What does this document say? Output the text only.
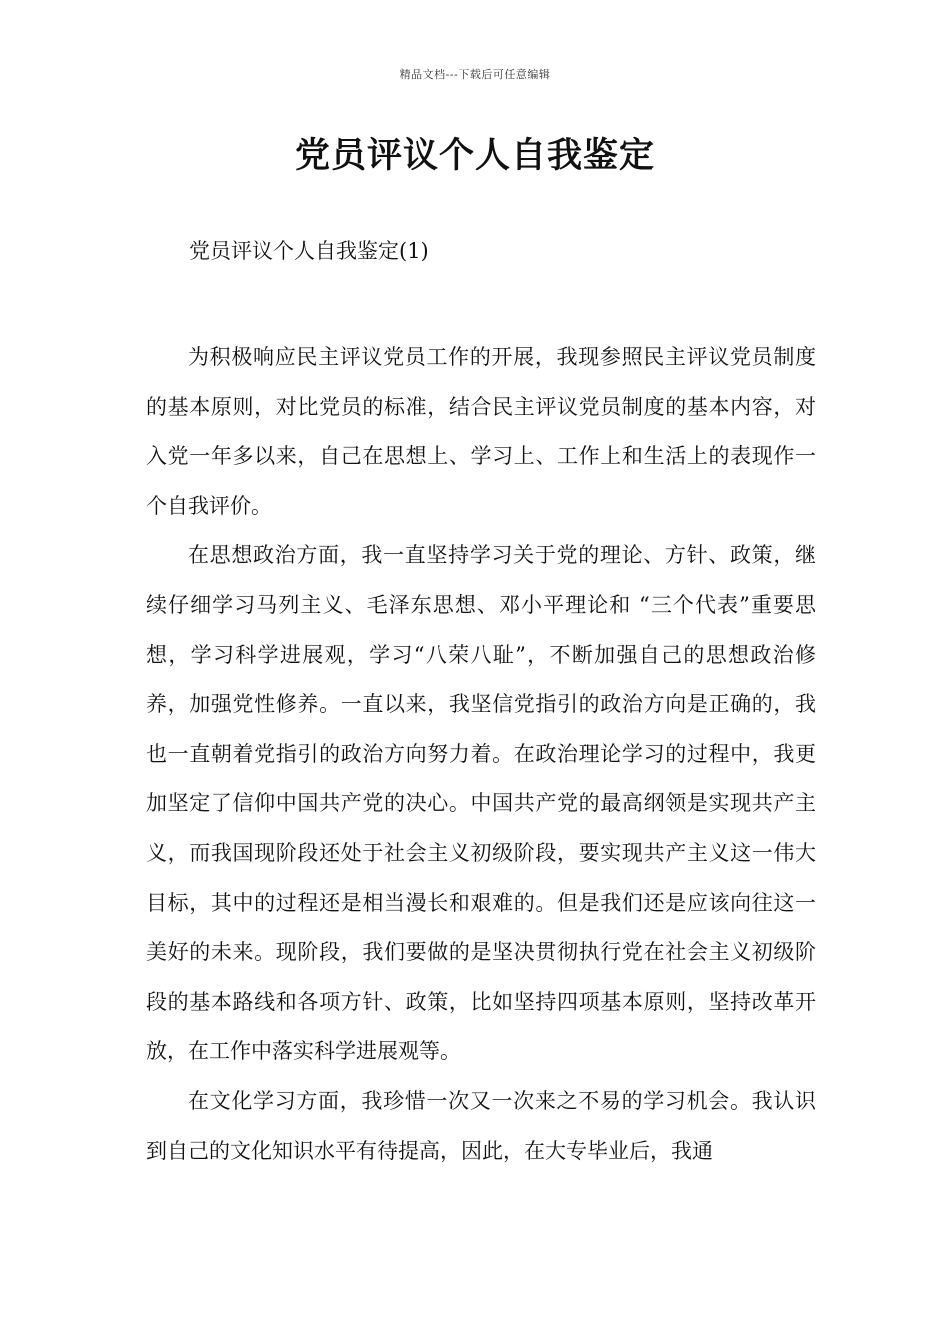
精品文档---下载后可任意编辑
党员评议个人自我鉴定

党员评议个人自我鉴定(1)

为积极响应民主评议党员工作的开展，我现参照民主评议党员制度的基本原则，对比党员的标准，结合民主评议党员制度的基本内容，对入党一年多以来，自己在思想上、学习上、工作上和生活上的表现作一个自我评价。

在思想政治方面，我一直坚持学习关于党的理论、方针、政策，继续仔细学习马列主义、毛泽东思想、邓小平理论和 “三个代表”重要思想，学习科学进展观，学习“八荣八耻”，不断加强自己的思想政治修养，加强党性修养。一直以来，我坚信党指引的政治方向是正确的，我也一直朝着党指引的政治方向努力着。在政治理论学习的过程中，我更加坚定了信仰中国共产党的决心。中国共产党的最高纲领是实现共产主义，而我国现阶段还处于社会主义初级阶段，要实现共产主义这一伟大目标，其中的过程还是相当漫长和艰难的。但是我们还是应该向往这一美好的未来。现阶段，我们要做的是坚决贯彻执行党在社会主义初级阶段的基本路线和各项方针、政策，比如坚持四项基本原则，坚持改革开放，在工作中落实科学进展观等。

在文化学习方面，我珍惜一次又一次来之不易的学习机会。我认识到自己的文化知识水平有待提高，因此，在大专毕业后，我通
